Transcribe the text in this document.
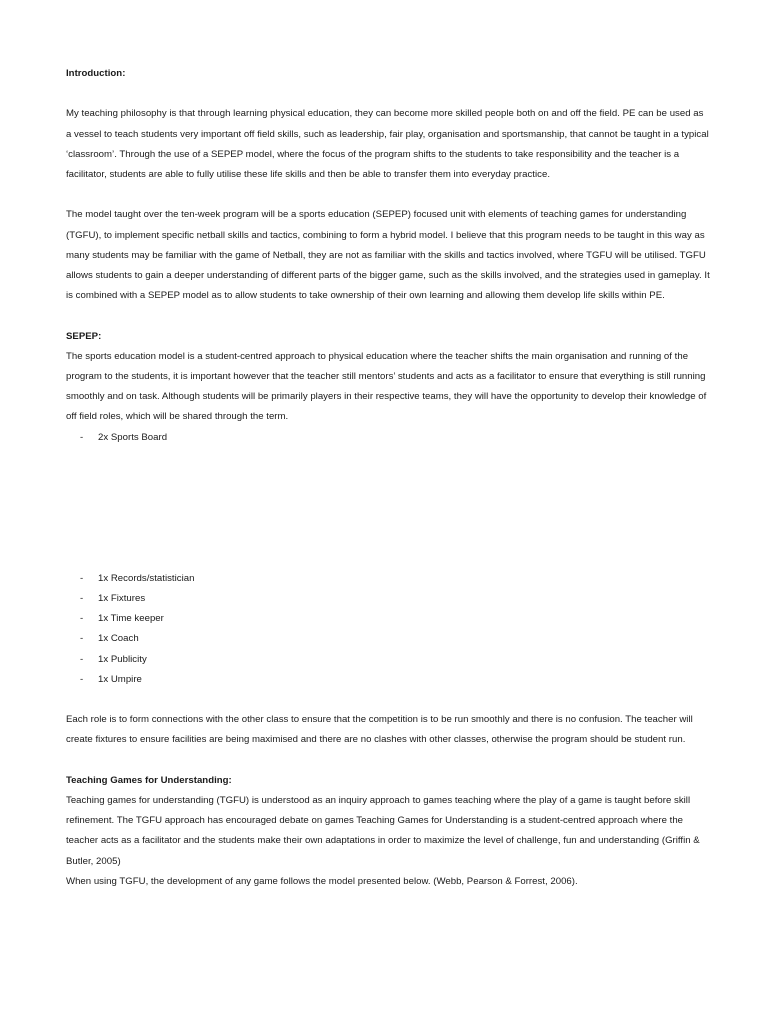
Introduction:

My teaching philosophy is that through learning physical education, they can become more skilled people both on and off the field. PE can be used as a vessel to teach students very important off field skills, such as leadership, fair play, organisation and sportsmanship, that cannot be taught in a typical ‘classroom’. Through the use of a SEPEP model, where the focus of the program shifts to the students to take responsibility and the teacher is a facilitator, students are able to fully utilise these life skills and then be able to transfer them into everyday practice.

The model taught over the ten-week program will be a sports education (SEPEP) focused unit with elements of teaching games for understanding (TGFU), to implement specific netball skills and tactics, combining to form a hybrid model. I believe that this program needs to be taught in this way as many students may be familiar with the game of Netball, they are not as familiar with the skills and tactics involved, where TGFU will be utilised. TGFU allows students to gain a deeper understanding of different parts of the bigger game, such as the skills involved, and the strategies used in gameplay. It is combined with a SEPEP model as to allow students to take ownership of their own learning and allowing them develop life skills within PE.

SEPEP:

The sports education model is a student-centred approach to physical education where the teacher shifts the main organisation and running of the program to the students, it is important however that the teacher still mentors’ students and acts as a facilitator to ensure that everything is still running smoothly and on task. Although students will be primarily players in their respective teams, they will have the opportunity to develop their knowledge of off field roles, which will be shared through the term.

- 2x Sports Board
- 1x Records/statistician
- 1x Fixtures
- 1x Time keeper
- 1x Coach
- 1x Publicity
- 1x Umpire

Each role is to form connections with the other class to ensure that the competition is to be run smoothly and there is no confusion. The teacher will create fixtures to ensure facilities are being maximised and there are no clashes with other classes, otherwise the program should be student run.

Teaching Games for Understanding:

Teaching games for understanding (TGFU) is understood as an inquiry approach to games teaching where the play of a game is taught before skill refinement. The TGFU approach has encouraged debate on games Teaching Games for Understanding is a student-centred approach where the teacher acts as a facilitator and the students make their own adaptations in order to maximize the level of challenge, fun and understanding (Griffin & Butler, 2005)

When using TGFU, the development of any game follows the model presented below. (Webb, Pearson & Forrest, 2006).
